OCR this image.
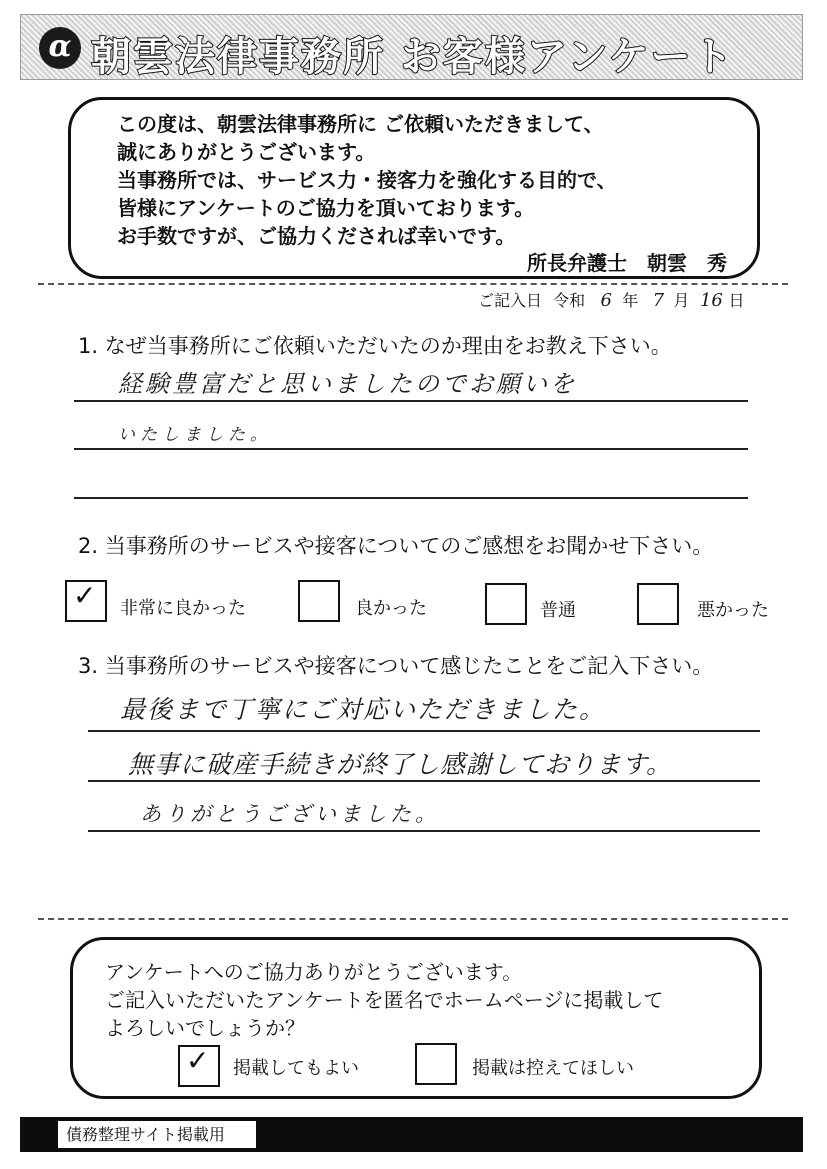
α 朝雲法律事務所 お客様アンケート

この度は、朝雲法律事務所に ご依頼いただきまして、

誠にありがとうございます。

当事務所では、サービス力・接客力を強化する目的で、

皆様にアンケートのご協力を頂いております。

お手数ですが、ご協力くだされば幸いです。

所長弁護士　朝雲　秀
ご記入日 令和 6 年 7 月 16 日
1. なぜ当事務所にご依頼いただいたのか理由をお教え下さい。
経験豊富だと思いましたのでお願いを
いたしました。
2. 当事務所のサービスや接客についてのご感想をお聞かせ下さい。
✓ 非常に良かった	良かった	普通	悪かった
3. 当事務所のサービスや接客について感じたことをご記入下さい。
最後まで丁寧にご対応いただきました。
無事に破産手続きが終了し感謝しております。
ありがとうございました。

アンケートへのご協力ありがとうございます。

ご記入いただいたアンケートを匿名でホームページに掲載して

よろしいでしょうか？

✓ 掲載してもよい	掲載は控えてほしい
債務整理サイト掲載用
